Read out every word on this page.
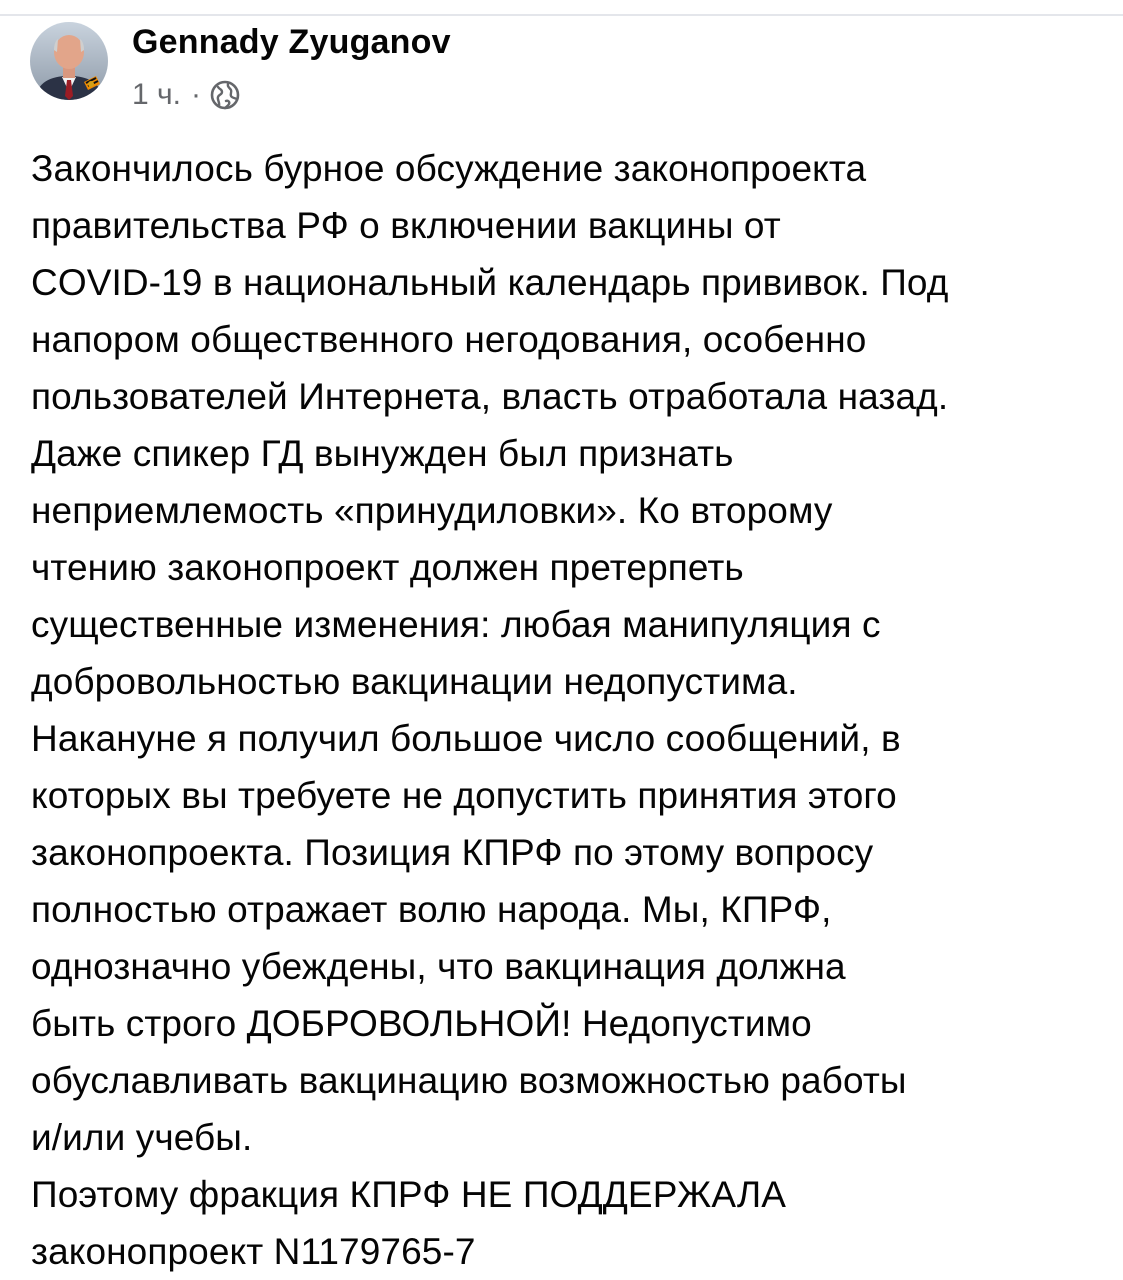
Gennady Zyuganov
1 ч. ·
Закончилось бурное обсуждение законопроекта
правительства РФ о включении вакцины от
COVID-19 в национальный календарь прививок. Под
напором общественного негодования, особенно
пользователей Интернета, власть отработала назад.
Даже спикер ГД вынужден был признать
неприемлемость «принудиловки». Ко второму
чтению законопроект должен претерпеть
существенные изменения: любая манипуляция с
добровольностью вакцинации недопустима.
Накануне я получил большое число сообщений, в
которых вы требуете не допустить принятия этого
законопроекта. Позиция КПРФ по этому вопросу
полностью отражает волю народа. Мы, КПРФ,
однозначно убеждены, что вакцинация должна
быть строго ДОБРОВОЛЬНОЙ! Недопустимо
обуславливать вакцинацию возможностью работы
и/или учебы.
Поэтому фракция КПРФ НЕ ПОДДЕРЖАЛА
законопроект N1179765-7
